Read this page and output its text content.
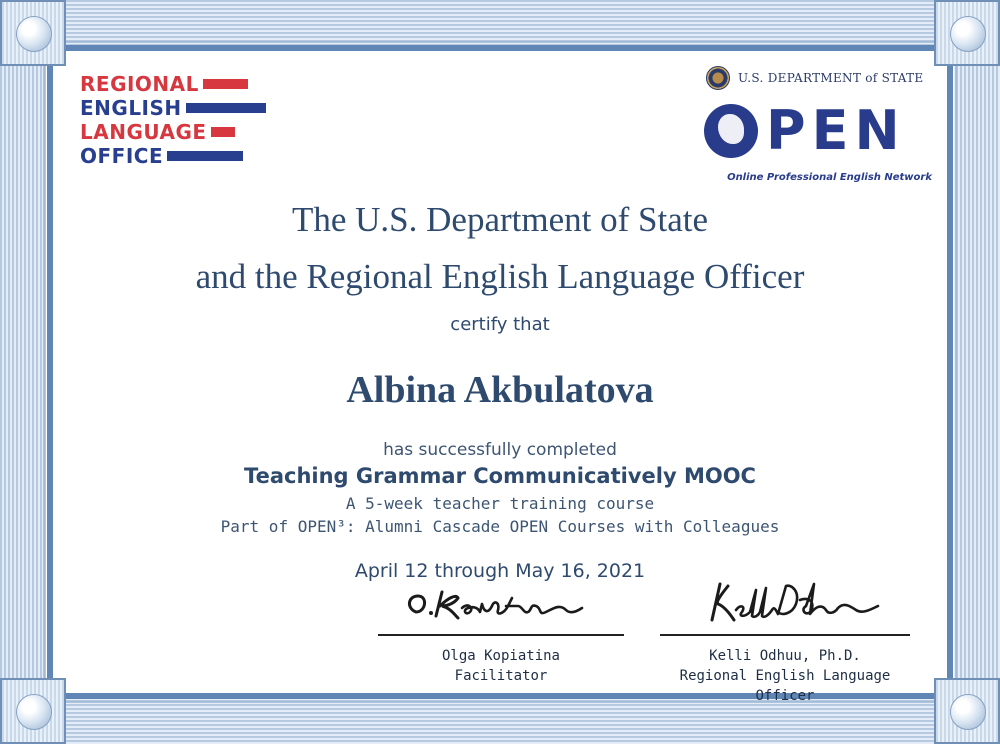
REGIONAL
ENGLISH
LANGUAGE
OFFICE
U.S. DEPARTMENT of STATE
PEN
Online Professional English Network
The U.S. Department of State
and the Regional English Language Officer
certify that
Albina Akbulatova
has successfully completed
Teaching Grammar Communicatively MOOC
A 5-week teacher training course
Part of OPEN³: Alumni Cascade OPEN Courses with Colleagues
April 12 through May 16, 2021
Olga Kopiatina
Facilitator
Kelli Odhuu, Ph.D.
Regional English Language Officer
